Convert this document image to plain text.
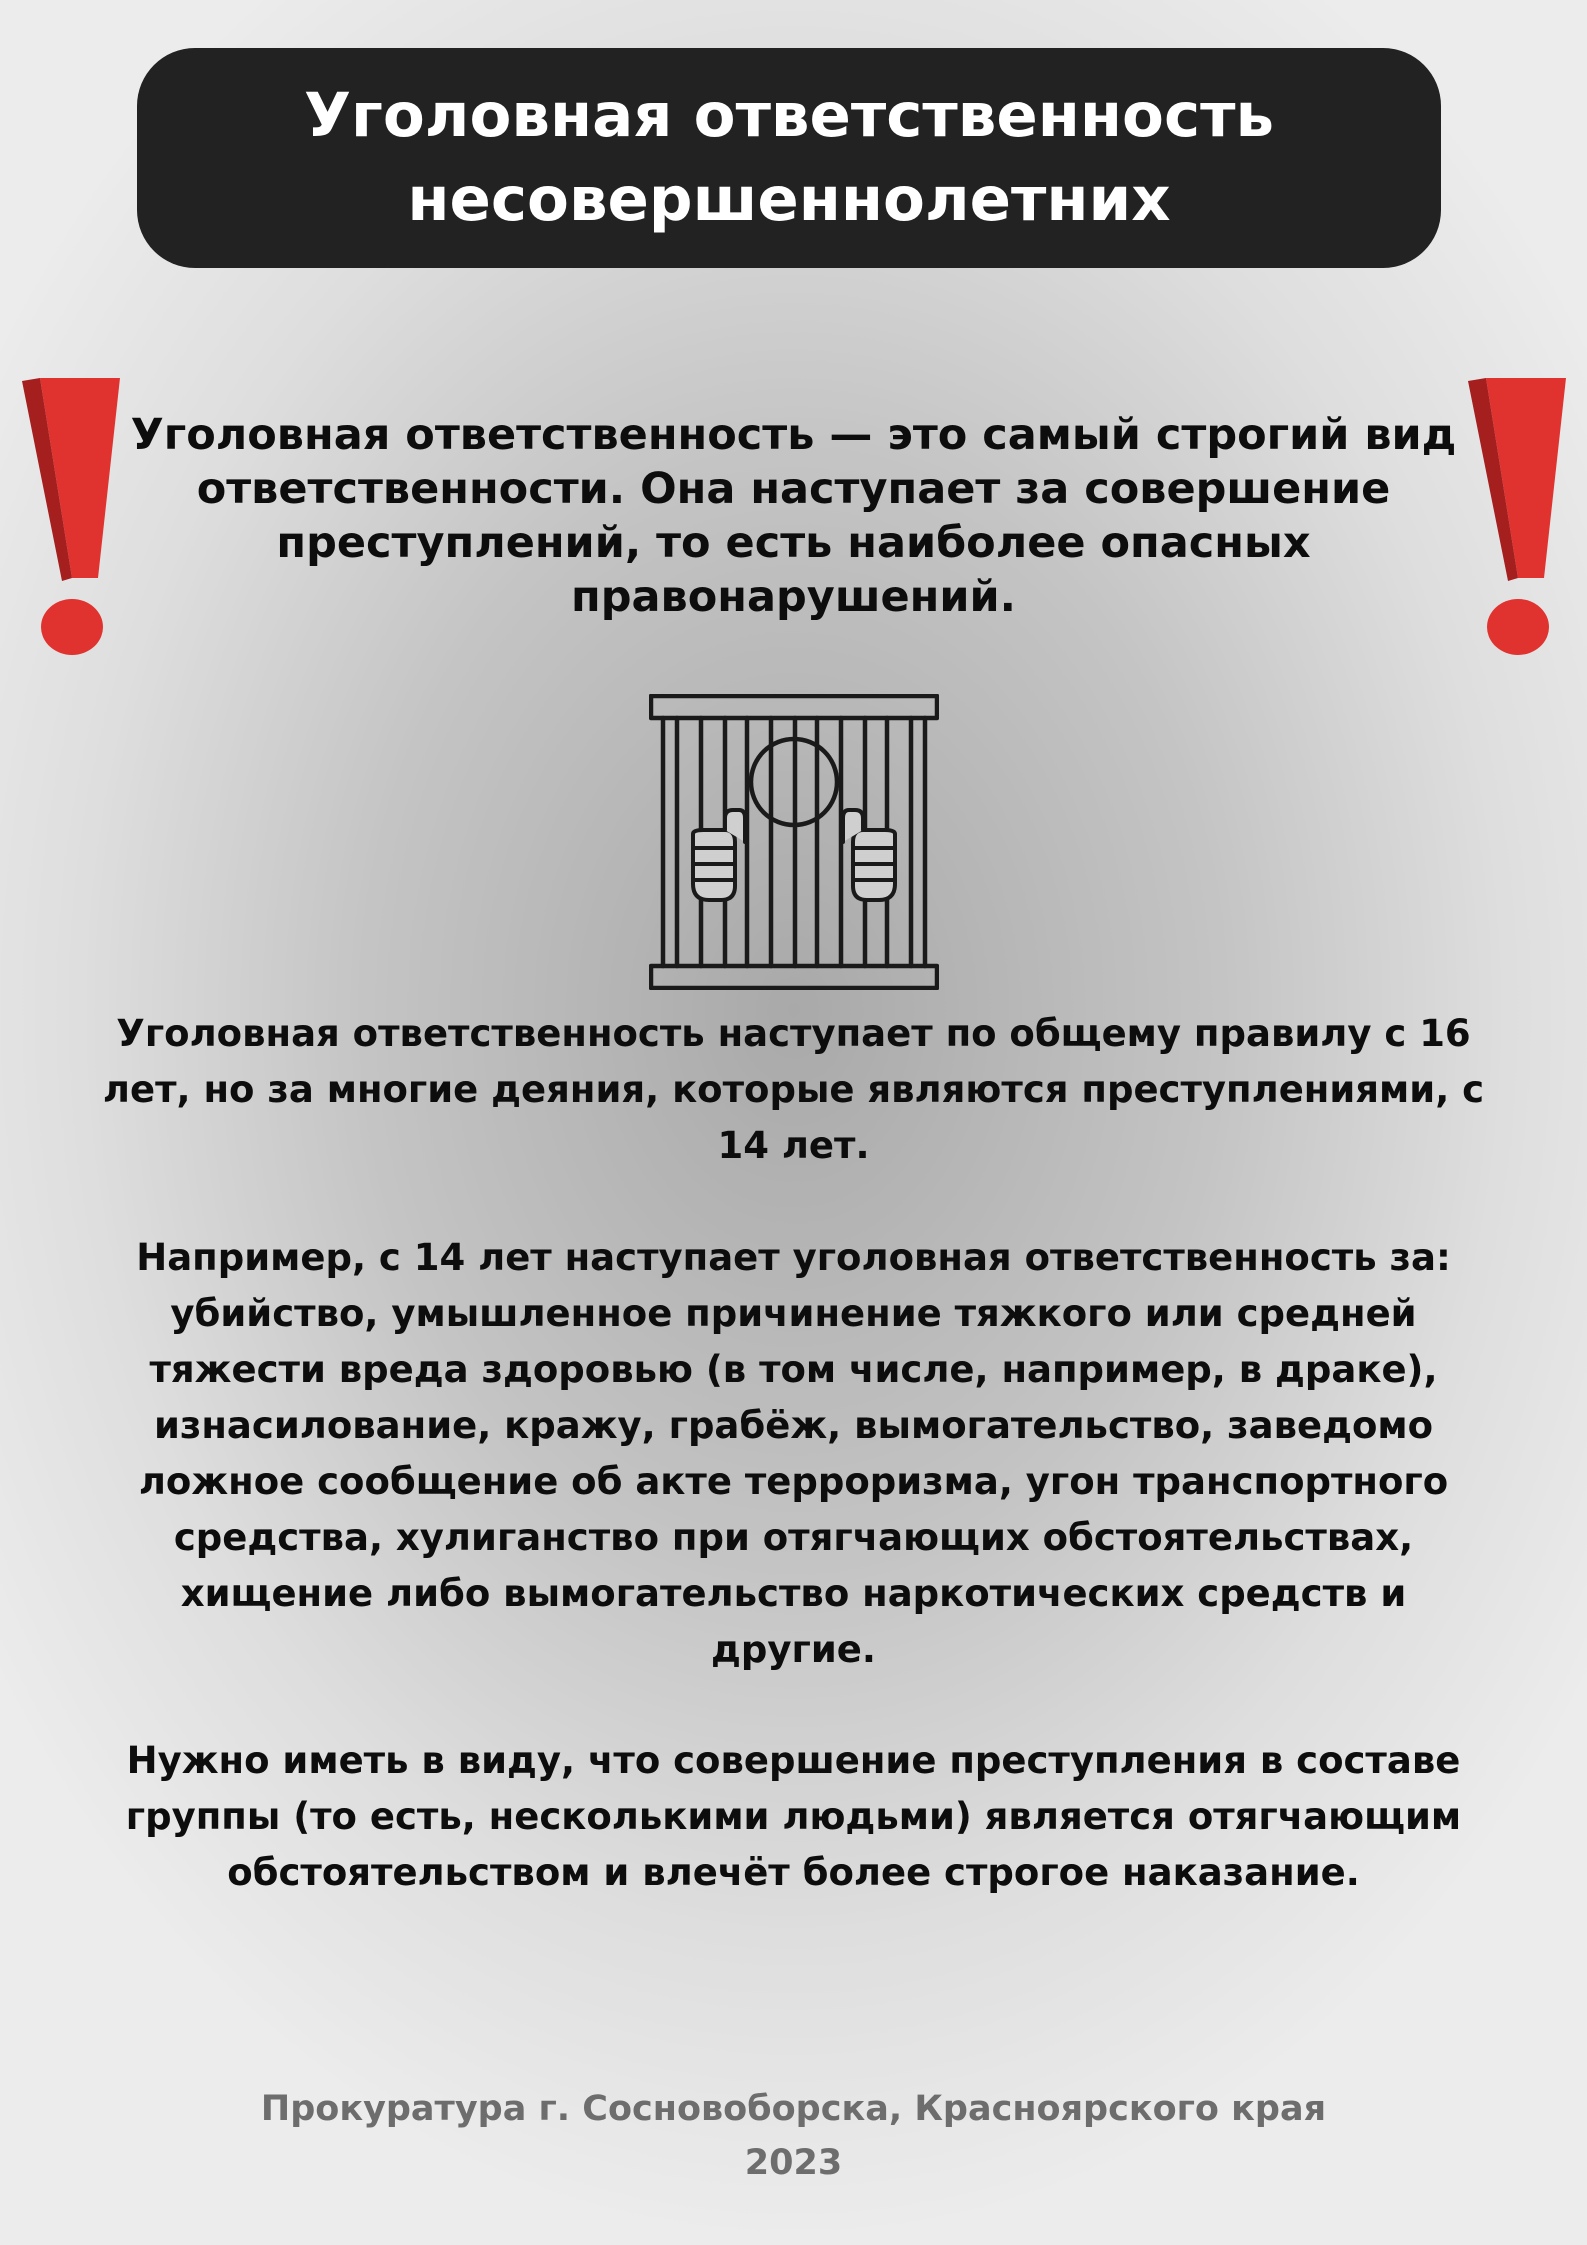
Уголовная ответственность
несовершеннолетних

Уголовная ответственность — это самый строгий вид ответственности. Она наступает за совершение преступлений, то есть наиболее опасных правонарушений.

Уголовная ответственность наступает по общему правилу с 16 лет, но за многие деяния, которые являются преступлениями, с 14 лет.

Например, с 14 лет наступает уголовная ответственность за: убийство, умышленное причинение тяжкого или средней тяжести вреда здоровью (в том числе, например, в драке), изнасилование, кражу, грабёж, вымогательство, заведомо ложное сообщение об акте терроризма, угон транспортного средства, хулиганство при отягчающих обстоятельствах, хищение либо вымогательство наркотических средств и другие.

Нужно иметь в виду, что совершение преступления в составе группы (то есть, несколькими людьми) является отягчающим обстоятельством и влечёт более строгое наказание.

Прокуратура г. Сосновоборска, Красноярского края
2023
